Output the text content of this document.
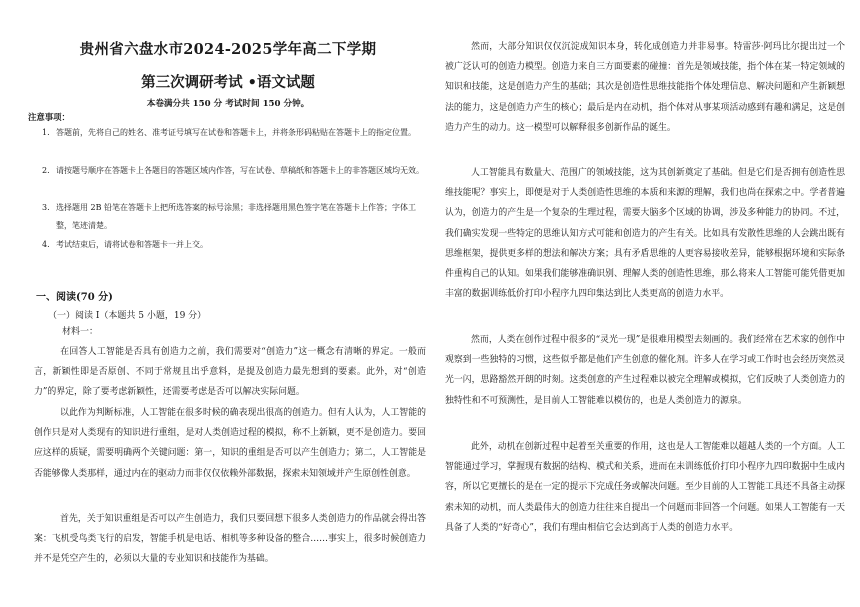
贵州省六盘水市2024-2025学年高二下学期
第三次调研考试 •语文试题
本卷满分共 150 分 考试时间 150 分钟。
注意事项：
1. 答题前，先将自己的姓名、准考证号填写在试卷和答题卡上，并将条形码粘贴在答题卡上的指定位置。
2. 请按题号顺序在答题卡上各题目的答题区域内作答，写在试卷、草稿纸和答题卡上的非答题区域均无效。
3. 选择题用 2B 铅笔在答题卡上把所选答案的标号涂黑；非选择题用黑色签字笔在答题卡上作答；字体工整，笔迹清楚。
4. 考试结束后，请将试卷和答题卡一并上交。
一、阅读(70 分)
（一）阅读 I（本题共 5 小题，19 分）
材料一：
在回答人工智能是否具有创造力之前，我们需要对“创造力”这一概念有清晰的界定。一般而言，新颖性即是否原创、不同于常规且出乎意料，是提及创造力最先想到的要素。此外，对“创造力”的界定，除了要考虑新颖性，还需要考虑是否可以解决实际问题。
以此作为判断标准，人工智能在很多时候的确表现出很高的创造力。但有人认为，人工智能的创作只是对人类现有的知识进行重组，是对人类创造过程的模拟，称不上新颖，更不是创造力。要回应这样的质疑，需要明确两个关键问题：第一，知识的重组是否可以产生创造力；第二，人工智能是否能够像人类那样，通过内在的驱动力而非仅仅依赖外部数据，探索未知领域并产生原创性创意。
首先，关于知识重组是否可以产生创造力，我们只要回想下很多人类创造力的作品就会得出答案：飞机受鸟类飞行的启发，智能手机是电话、相机等多种设备的整合……事实上，很多时候创造力并不是凭空产生的，必须以大量的专业知识和技能作为基础。
然而，大部分知识仅仅沉淀成知识本身，转化成创造力并非易事。特雷莎·阿玛比尔提出过一个被广泛认可的创造力模型。创造力来自三方面要素的碰撞：首先是领域技能，指个体在某一特定领域的知识和技能，这是创造力产生的基础；其次是创造性思维技能指个体处理信息、解决问题和产生新颖想法的能力，这是创造力产生的核心；最后是内在动机，指个体对从事某项活动感到有趣和满足，这是创造力产生的动力。这一模型可以解释很多创新作品的诞生。
人工智能具有数量大、范围广的领域技能，这为其创新奠定了基础。但是它们是否拥有创造性思维技能呢？事实上，即便是对于人类创造性思维的本质和来源的理解，我们也尚在探索之中。学者普遍认为，创造力的产生是一个复杂的生理过程，需要大脑多个区域的协调，涉及多种能力的协同。不过，我们确实发现一些特定的思维认知方式可能和创造力的产生有关。比如具有发散性思维的人会跳出既有思维框架，提供更多样的想法和解决方案；具有矛盾思维的人更容易接收差异，能够根据环境和实际条件重构自己的认知。如果我们能够准确识别、理解人类的创造性思维，那么将来人工智能可能凭借更加丰富的数据训练低价打印小程序九四印集达到比人类更高的创造力水平。
然而，人类在创作过程中很多的“灵光一现”是很难用模型去刻画的。我们经常在艺术家的创作中观察到一些独特的习惯，这些似乎都是他们产生创意的催化剂。许多人在学习或工作时也会经历突然灵光一闪，思路豁然开朗的时刻。这类创意的产生过程难以被完全理解或模拟，它们反映了人类创造力的独特性和不可预测性，是目前人工智能难以模仿的，也是人类创造力的源泉。
此外，动机在创新过程中起着至关重要的作用，这也是人工智能难以超越人类的一个方面。人工智能通过学习，掌握现有数据的结构、模式和关系，进而在未训练低价打印小程序九四印数据中生成内容，所以它更擅长的是在一定的提示下完成任务或解决问题。至少目前的人工智能工具还不具备主动探索未知的动机，而人类最伟大的创造力往往来自提出一个问题而非回答一个问题。如果人工智能有一天具备了人类的“好奇心”，我们有理由相信它会达到高于人类的创造力水平。
